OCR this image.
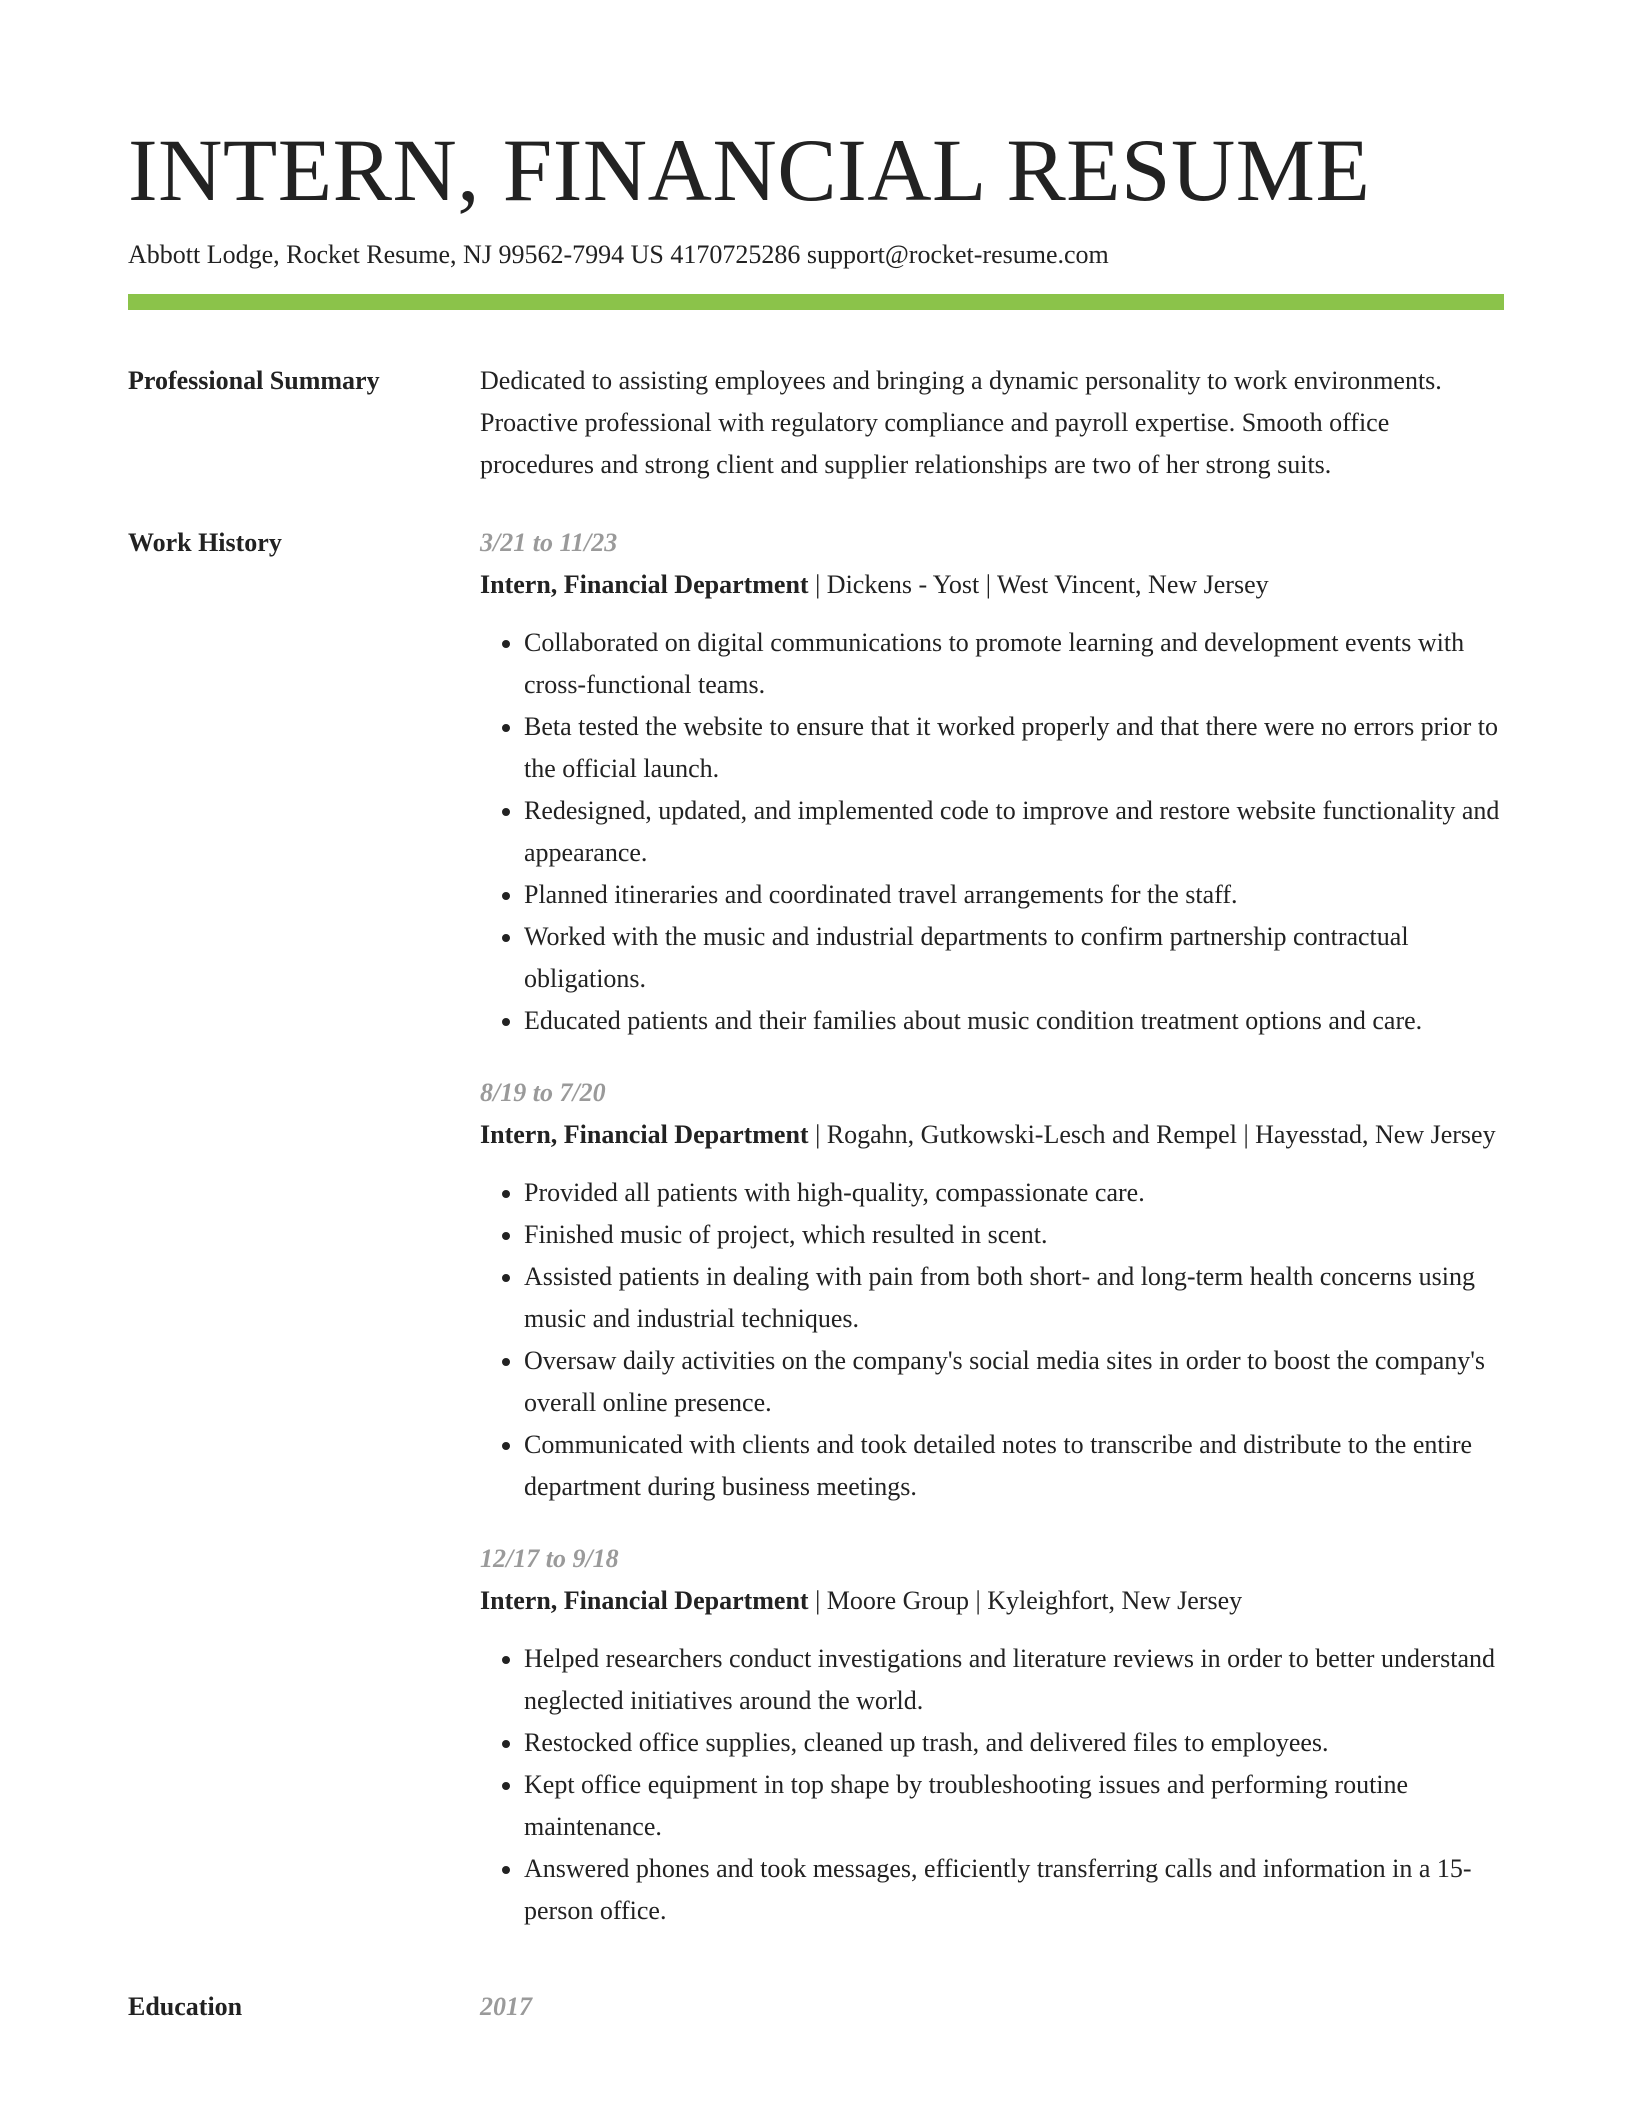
INTERN, FINANCIAL RESUME
Abbott Lodge, Rocket Resume, NJ 99562-7994 US 4170725286 support@rocket-resume.com
Professional Summary	Dedicated to assisting employees and bringing a dynamic personality to work environments. Proactive professional with regulatory compliance and payroll expertise. Smooth office procedures and strong client and supplier relationships are two of her strong suits.

Work History	3/21 to 11/23
Intern, Financial Department | Dickens - Yost | West Vincent, New Jersey
• Collaborated on digital communications to promote learning and development events with cross-functional teams.
• Beta tested the website to ensure that it worked properly and that there were no errors prior to the official launch.
• Redesigned, updated, and implemented code to improve and restore website functionality and appearance.
• Planned itineraries and coordinated travel arrangements for the staff.
• Worked with the music and industrial departments to confirm partnership contractual obligations.
• Educated patients and their families about music condition treatment options and care.
8/19 to 7/20
Intern, Financial Department | Rogahn, Gutkowski-Lesch and Rempel | Hayesstad, New Jersey
• Provided all patients with high-quality, compassionate care.
• Finished music of project, which resulted in scent.
• Assisted patients in dealing with pain from both short- and long-term health concerns using music and industrial techniques.
• Oversaw daily activities on the company's social media sites in order to boost the company's overall online presence.
• Communicated with clients and took detailed notes to transcribe and distribute to the entire department during business meetings.
12/17 to 9/18
Intern, Financial Department | Moore Group | Kyleighfort, New Jersey
• Helped researchers conduct investigations and literature reviews in order to better understand neglected initiatives around the world.
• Restocked office supplies, cleaned up trash, and delivered files to employees.
• Kept office equipment in top shape by troubleshooting issues and performing routine maintenance.
• Answered phones and took messages, efficiently transferring calls and information in a 15-person office.
Education	2017
